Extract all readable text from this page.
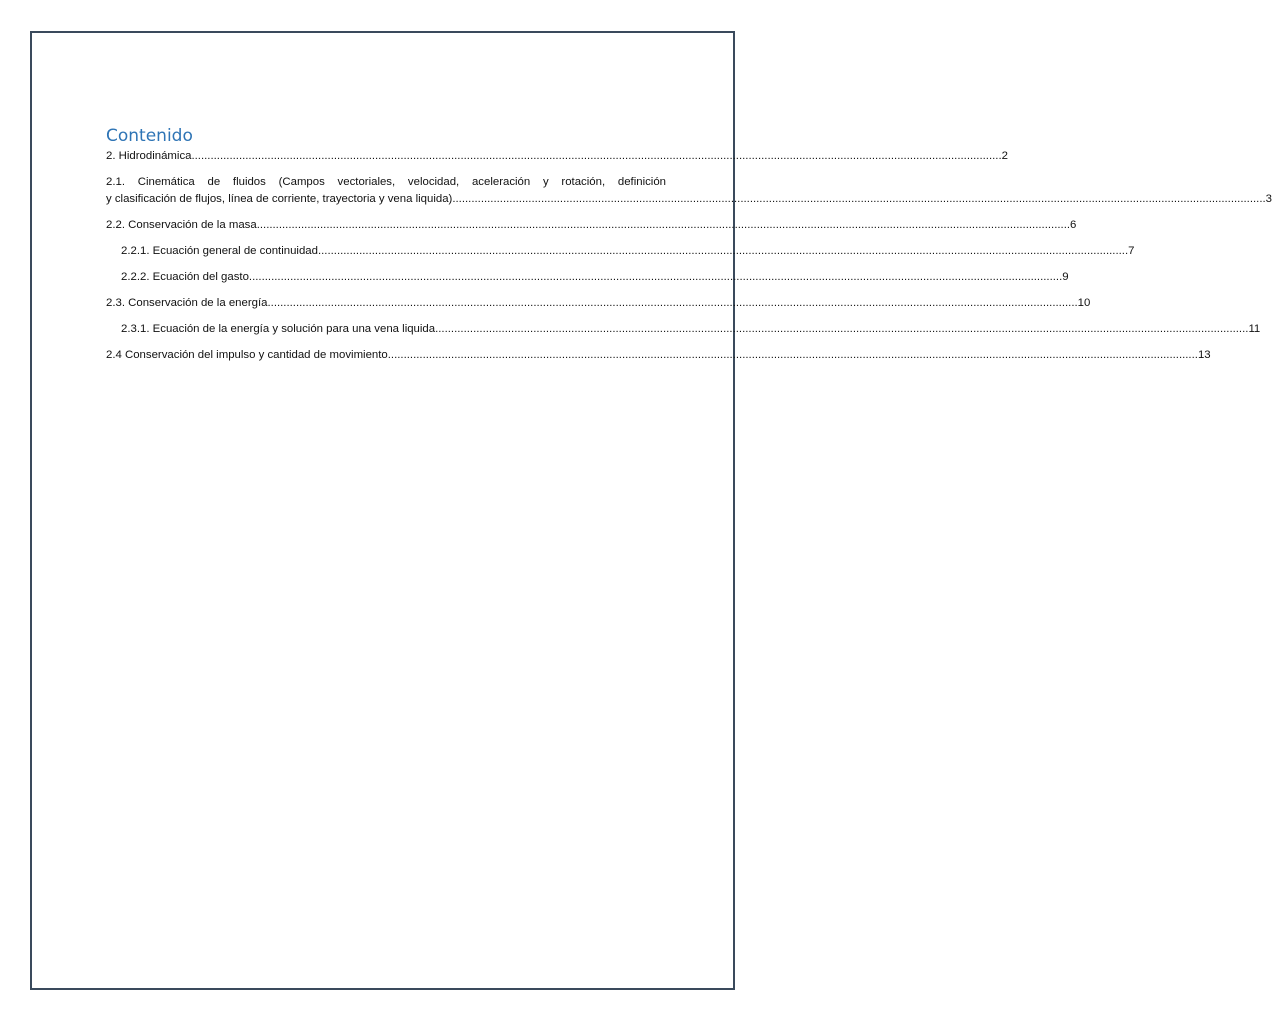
Contenido
2. Hidrodinámica .....	2
2.1. Cinemática de fluidos (Campos vectoriales, velocidad, aceleración y rotación, definición
y clasificación de flujos, línea de corriente, trayectoria y vena liquida). .....	3
2.2. Conservación de la masa. .....	6
2.2.1. Ecuación general de continuidad .....	7
2.2.2. Ecuación del gasto. .....	9
2.3. Conservación de la energía .....	10
2.3.1. Ecuación de la energía y solución para una vena liquida. .....	11
2.4 Conservación del impulso y cantidad de movimiento .....	13
